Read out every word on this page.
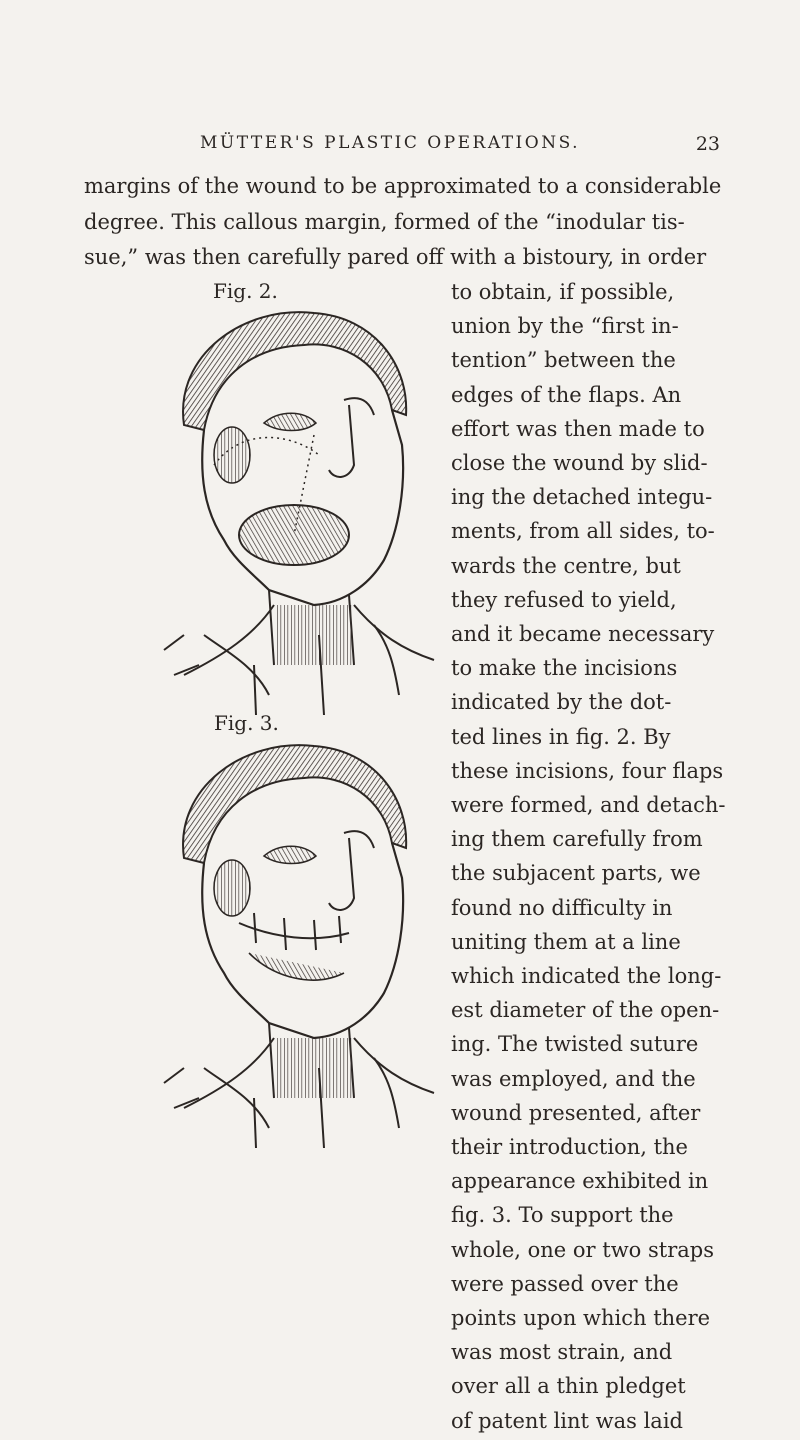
MÜTTER'S PLASTIC OPERATIONS.	23
margins of the wound to be approximated to a considerable
degree. This callous margin, formed of the “inodular tis-
sue,” was then carefully pared off with a bistoury, in order
Fig. 2.
Fig. 3.
to obtain, if possible,
union by the “first in-
tention” between the
edges of the flaps. An
effort was then made to
close the wound by slid-
ing the detached integu-
ments, from all sides, to-
wards the centre, but
they refused to yield,
and it became necessary
to make the incisions
indicated by the dot-
ted lines in fig. 2. By
these incisions, four flaps
were formed, and detach-
ing them carefully from
the subjacent parts, we
found no difficulty in
uniting them at a line
which indicated the long-
est diameter of the open-
ing. The twisted suture
was employed, and the
wound presented, after
their introduction, the
appearance exhibited in
fig. 3. To support the
whole, one or two straps
were passed over the
points upon which there
was most strain, and
over all a thin pledget
of patent lint was laid
